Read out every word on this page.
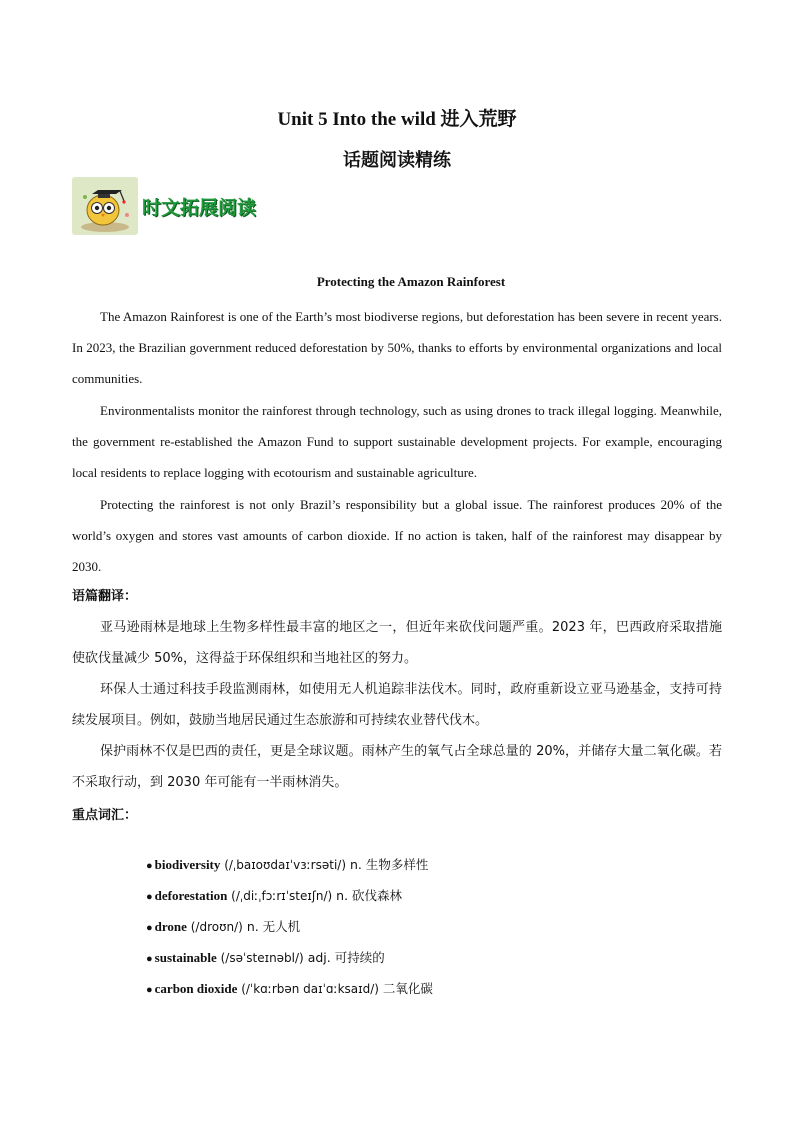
Unit 5 Into the wild 进入荒野
话题阅读精练
时文拓展阅读
Protecting the Amazon Rainforest
The Amazon Rainforest is one of the Earth’s most biodiverse regions, but deforestation has been severe in recent years. In 2023, the Brazilian government reduced deforestation by 50%, thanks to efforts by environmental organizations and local communities.
Environmentalists monitor the rainforest through technology, such as using drones to track illegal logging. Meanwhile, the government re-established the Amazon Fund to support sustainable development projects. For example, encouraging local residents to replace logging with ecotourism and sustainable agriculture.
Protecting the rainforest is not only Brazil’s responsibility but a global issue. The rainforest produces 20% of the world’s oxygen and stores vast amounts of carbon dioxide. If no action is taken, half of the rainforest may disappear by 2030.
语篇翻译：
亚马逊雨林是地球上生物多样性最丰富的地区之一，但近年来砍伐问题严重。2023 年，巴西政府采取措施使砍伐量减少 50%，这得益于环保组织和当地社区的努力。
环保人士通过科技手段监测雨林，如使用无人机追踪非法伐木。同时，政府重新设立亚马逊基金，支持可持续发展项目。例如，鼓励当地居民通过生态旅游和可持续农业替代伐木。
保护雨林不仅是巴西的责任，更是全球议题。雨林产生的氧气占全球总量的 20%，并储存大量二氧化碳。若不采取行动，到 2030 年可能有一半雨林消失。
重点词汇：
● biodiversity (/ˌbaɪoʊdaɪˈvɜːrsəti/) n. 生物多样性
● deforestation (/ˌdiːˌfɔːrɪˈsteɪʃn/) n. 砍伐森林
● drone (/droʊn/) n. 无人机
● sustainable (/səˈsteɪnəbl/) adj. 可持续的
● carbon dioxide (/ˈkɑːrbən daɪˈɑːksaɪd/) 二氧化碳
